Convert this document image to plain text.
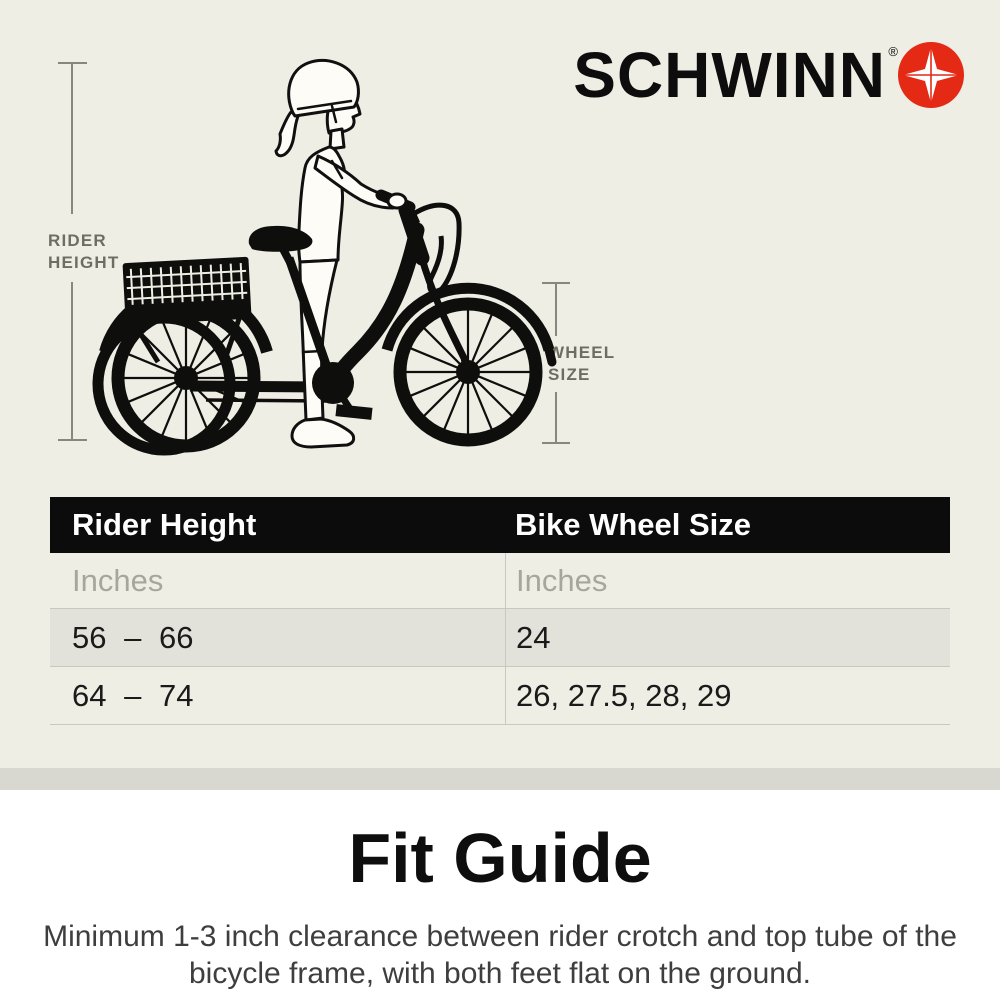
RIDER
HEIGHT
WHEEL
SIZE
SCHWINN ®
Rider Height	Bike Wheel Size
Inches	Inches
56 – 66	24
64 – 74	26, 27.5, 28, 29
Fit Guide
Minimum 1-3 inch clearance between rider crotch and top tube of the bicycle frame, with both feet flat on the ground.
